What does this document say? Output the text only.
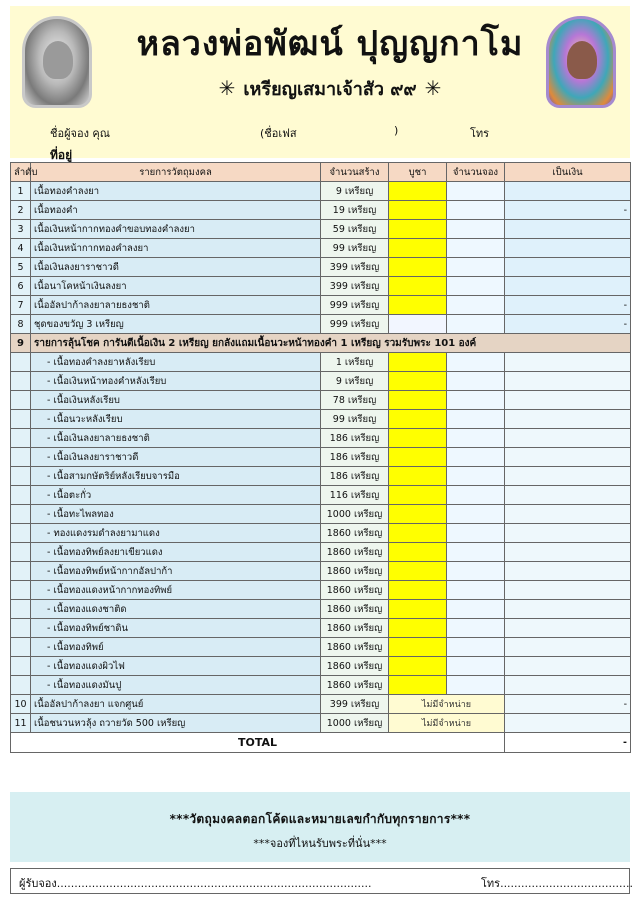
หลวงพ่อพัฒน์ ปุญญกาโม
✳ เหรียญเสมาเจ้าสัว ๙๙ ✳
ชื่อผู้จอง คุณ	(ชื่อเฟส	)	โทร
ที่อยู่
ลำดับ	รายการวัตถุมงคล	จำนวนสร้าง	บูชา	จำนวนจอง	เป็นเงิน
1	เนื้อทองคำลงยา	9 เหรียญ			
2	เนื้อทองคำ	19 เหรียญ			-
3	เนื้อเงินหน้ากากทองคำขอบทองคำลงยา	59 เหรียญ			
4	เนื้อเงินหน้ากากทองคำลงยา	99 เหรียญ			
5	เนื้อเงินลงยาราชาวดี	399 เหรียญ			
6	เนื้อนาโคหน้าเงินลงยา	399 เหรียญ			
7	เนื้ออัลปาก้าลงยาลายธงชาติ	999 เหรียญ			-
8	ชุดของขวัญ 3 เหรียญ	999 เหรียญ			-
9	รายการลุ้นโชค การันตีเนื้อเงิน 2 เหรียญ ยกลังแถมเนื้อนวะหน้าทองคำ 1 เหรียญ รวมรับพระ 101 องค์				
	- เนื้อทองคำลงยาหลังเรียบ	1 เหรียญ			
	- เนื้อเงินหน้าทองคำหลังเรียบ	9 เหรียญ			
	- เนื้อเงินหลังเรียบ	78 เหรียญ			
	- เนื้อนวะหลังเรียบ	99 เหรียญ			
	- เนื้อเงินลงยาลายธงชาติ	186 เหรียญ			
	- เนื้อเงินลงยาราชาวดี	186 เหรียญ			
	- เนื้อสามกษัตริย์หลังเรียบจารมือ	186 เหรียญ			
	- เนื้อตะกั่ว	116 เหรียญ			
	- เนื้อทะไพลทอง	1000 เหรียญ			
	- ทองแดงรมดำลงยามาแดง	1860 เหรียญ			
	- เนื้อทองทิพย์ลงยาเขียวแดง	1860 เหรียญ			
	- เนื้อทองทิพย์หน้ากากอัลปาก้า	1860 เหรียญ			
	- เนื้อทองแดงหน้ากากทองทิพย์	1860 เหรียญ			
	- เนื้อทองแดงชาติด	1860 เหรียญ			
	- เนื้อทองทิพย์ชาดิน	1860 เหรียญ			
	- เนื้อทองทิพย์	1860 เหรียญ			
	- เนื้อทองแดงผิวไฟ	1860 เหรียญ			
	- เนื้อทองแดงมันปู	1860 เหรียญ			
10	เนื้ออัลปาก้าลงยา แจกศูนย์	399 เหรียญ	ไม่มีจำหน่าย		-
11	เนื้อชนวนหวลุ้ง ถวายวัด 500 เหรียญ	1000 เหรียญ	ไม่มีจำหน่าย		
TOTAL					-
***วัตถุมงคลตอกโค้ดและหมายเลขกำกับทุกรายการ***
***จองที่ไหนรับพระที่นั่น***
ผู้รับจอง..........................................................................................	โทร......................................
